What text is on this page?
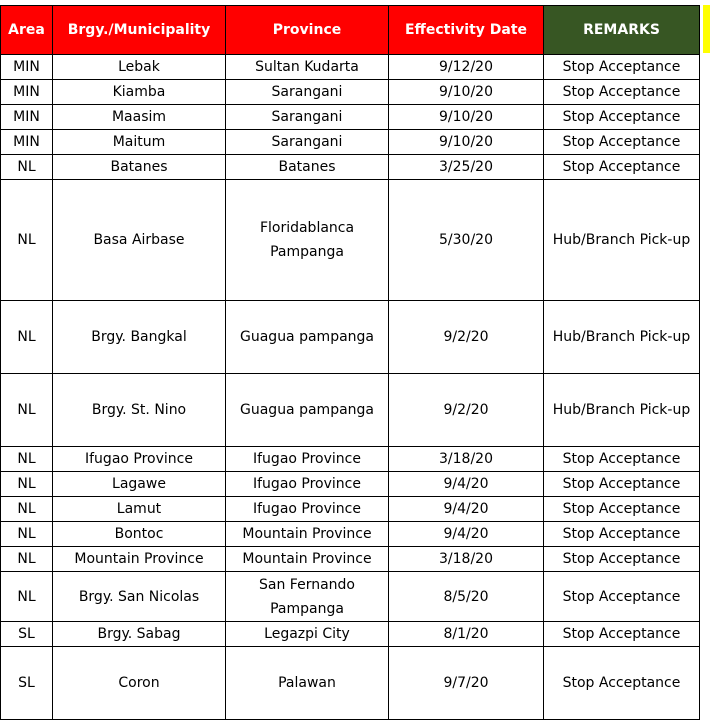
Area	Brgy./Municipality	Province	Effectivity Date	REMARKS
MIN	Lebak	Sultan Kudarta	9/12/20	Stop Acceptance
MIN	Kiamba	Sarangani	9/10/20	Stop Acceptance
MIN	Maasim	Sarangani	9/10/20	Stop Acceptance
MIN	Maitum	Sarangani	9/10/20	Stop Acceptance
NL	Batanes	Batanes	3/25/20	Stop Acceptance
NL	Basa Airbase	Floridablanca Pampanga	5/30/20	Hub/Branch Pick-up
NL	Brgy. Bangkal	Guagua pampanga	9/2/20	Hub/Branch Pick-up
NL	Brgy. St. Nino	Guagua pampanga	9/2/20	Hub/Branch Pick-up
NL	Ifugao Province	Ifugao Province	3/18/20	Stop Acceptance
NL	Lagawe	Ifugao Province	9/4/20	Stop Acceptance
NL	Lamut	Ifugao Province	9/4/20	Stop Acceptance
NL	Bontoc	Mountain Province	9/4/20	Stop Acceptance
NL	Mountain Province	Mountain Province	3/18/20	Stop Acceptance
NL	Brgy. San Nicolas	San Fernando Pampanga	8/5/20	Stop Acceptance
SL	Brgy. Sabag	Legazpi City	8/1/20	Stop Acceptance
SL	Coron	Palawan	9/7/20	Stop Acceptance
